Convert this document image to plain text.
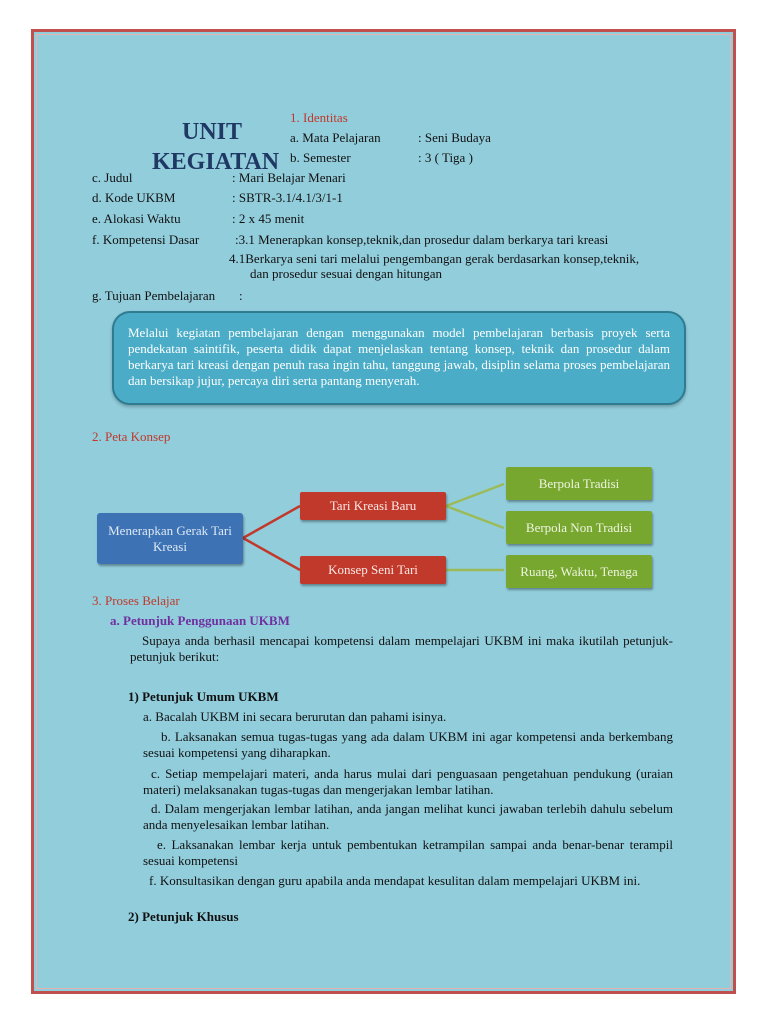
UNIT
KEGIATAN
1. Identitas
a. Mata Pelajaran	: Seni Budaya
b. Semester	: 3 ( Tiga )
c. Judul	: Mari Belajar Menari
d. Kode UKBM	: SBTR-3.1/4.1/3/1-1
e. Alokasi Waktu	: 2 x 45 menit
f. Kompetensi Dasar	:3.1 Menerapkan konsep,teknik,dan prosedur dalam berkarya tari kreasi
4.1Berkarya seni tari melalui pengembangan gerak berdasarkan konsep,teknik,
dan prosedur sesuai dengan hitungan
g. Tujuan Pembelajaran :
Melalui kegiatan pembelajaran dengan menggunakan model pembelajaran berbasis proyek serta pendekatan saintifik, peserta didik dapat menjelaskan tentang konsep, teknik dan prosedur dalam berkarya tari kreasi dengan penuh rasa ingin tahu, tanggung jawab, disiplin selama proses pembelajaran dan bersikap jujur, percaya diri serta pantang menyerah.
2. Peta Konsep
Menerapkan Gerak Tari Kreasi
Tari Kreasi Baru
Konsep Seni Tari
Berpola Tradisi
Berpola Non Tradisi
Ruang, Waktu, Tenaga
3. Proses Belajar
a. Petunjuk Penggunaan UKBM
Supaya anda berhasil mencapai kompetensi dalam mempelajari UKBM ini maka ikutilah petunjuk-petunjuk berikut:
1) Petunjuk Umum UKBM
a. Bacalah UKBM ini secara berurutan dan pahami isinya.
b. Laksanakan semua tugas-tugas yang ada dalam UKBM ini agar kompetensi anda berkembang sesuai kompetensi yang diharapkan.
c. Setiap mempelajari materi, anda harus mulai dari penguasaan pengetahuan pendukung (uraian materi) melaksanakan tugas-tugas dan mengerjakan lembar latihan.
d. Dalam mengerjakan lembar latihan, anda jangan melihat kunci jawaban terlebih dahulu sebelum anda menyelesaikan lembar latihan.
e. Laksanakan lembar kerja untuk pembentukan ketrampilan sampai anda benar-benar terampil sesuai kompetensi
f. Konsultasikan dengan guru apabila anda mendapat kesulitan dalam mempelajari UKBM ini.
2) Petunjuk Khusus
